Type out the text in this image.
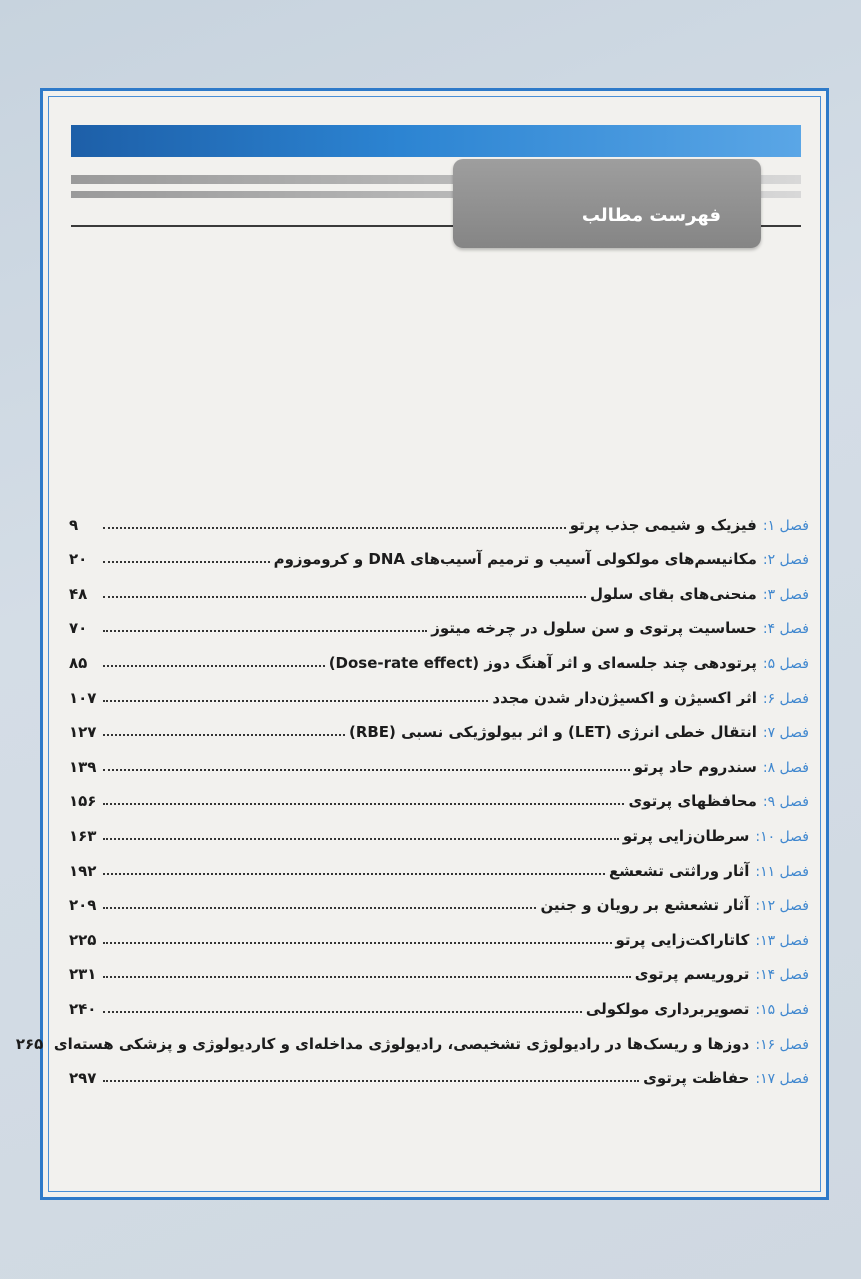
فهرست مطالب
فصل ۱:
فیزیک و شیمی جذب پرتو
۹
فصل ۲:
مکانیسم‌های مولکولی آسیب و ترمیم آسیب‌های DNA و کروموزوم
۲۰
فصل ۳:
منحنی‌های بقای سلول
۴۸
فصل ۴:
حساسیت پرتوی و سن سلول در چرخه میتوز
۷۰
فصل ۵:
پرتودهی چند جلسه‌ای و اثر آهنگ دوز (Dose-rate effect)
۸۵
فصل ۶:
اثر اکسیژن و اکسیژن‌دار شدن مجدد
۱۰۷
فصل ۷:
انتقال خطی انرژی (LET) و اثر بیولوژیکی نسبی (RBE)
۱۲۷
فصل ۸:
سندروم حاد پرتو
۱۳۹
فصل ۹:
محافظهای پرتوی
۱۵۶
فصل ۱۰:
سرطان‌زایی پرتو
۱۶۳
فصل ۱۱:
آثار وراثتی تشعشع
۱۹۲
فصل ۱۲:
آثار تشعشع بر رویان و جنین
۲۰۹
فصل ۱۳:
کاتاراکت‌زایی پرتو
۲۲۵
فصل ۱۴:
تروریسم پرتوی
۲۳۱
فصل ۱۵:
تصویربرداری مولکولی
۲۴۰
فصل ۱۶:
دوزها و ریسک‌ها در رادیولوژی تشخیصی، رادیولوژی مداخله‌ای و کاردیولوژی و پزشکی هسته‌ای
۲۶۵
فصل ۱۷:
حفاظت پرتوی
۲۹۷
